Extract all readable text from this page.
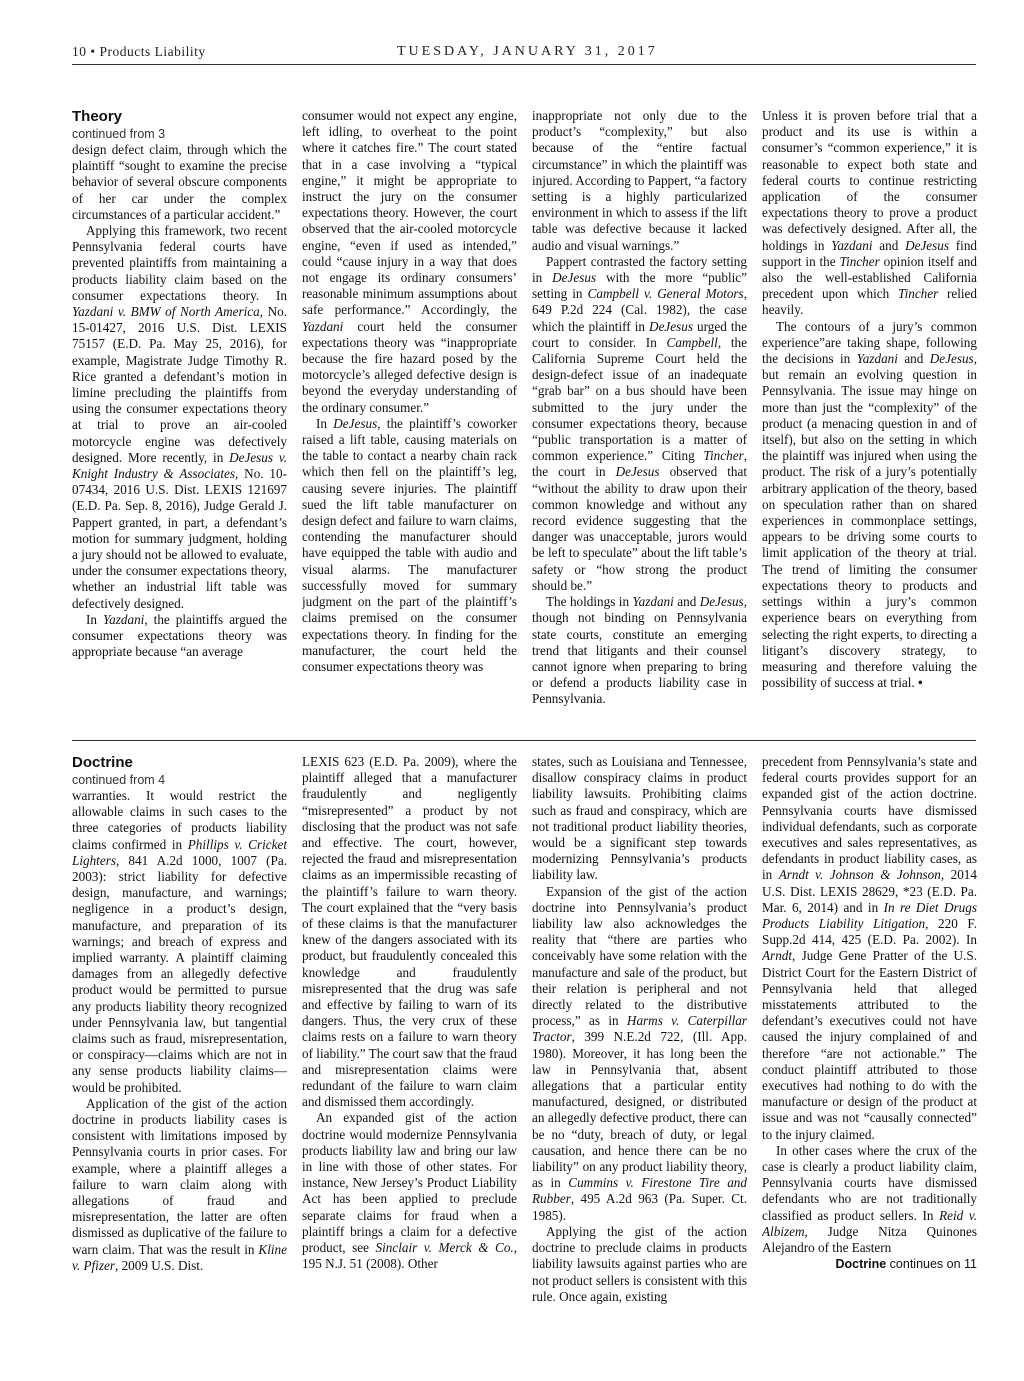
10 • Products Liability	TUESDAY, JANUARY 31, 2017

Theory

continued from 3

design defect claim, through which the plaintiff “sought to examine the precise behavior of several obscure components of her car under the complex circumstances of a particular accident.”

Applying this framework, two recent Pennsylvania federal courts have prevented plaintiffs from maintaining a products liability claim based on the consumer expectations theory. In Yazdani v. BMW of North America, No. 15-01427, 2016 U.S. Dist. LEXIS 75157 (E.D. Pa. May 25, 2016), for example, Magistrate Judge Timothy R. Rice granted a defendant’s motion in limine precluding the plaintiffs from using the consumer expectations theory at trial to prove an air-cooled motorcycle engine was defectively designed. More recently, in DeJesus v. Knight Industry & Associates, No. 10-07434, 2016 U.S. Dist. LEXIS 121697 (E.D. Pa. Sep. 8, 2016), Judge Gerald J. Pappert granted, in part, a defendant’s motion for summary judgment, holding a jury should not be allowed to evaluate, under the consumer expectations theory, whether an industrial lift table was defectively designed.

In Yazdani, the plaintiffs argued the consumer expectations theory was appropriate because “an average

consumer would not expect any engine, left idling, to overheat to the point where it catches fire.” The court stated that in a case involving a “typical engine,” it might be appropriate to instruct the jury on the consumer expectations theory. However, the court observed that the air-cooled motorcycle engine, “even if used as intended,” could “cause injury in a way that does not engage its ordinary consumers’ reasonable minimum assumptions about safe performance.” Accordingly, the Yazdani court held the consumer expectations theory was “inappropriate because the fire hazard posed by the motorcycle’s alleged defective design is beyond the everyday understanding of the ordinary consumer.”

In DeJesus, the plaintiff’s coworker raised a lift table, causing materials on the table to contact a nearby chain rack which then fell on the plaintiff’s leg, causing severe injuries. The plaintiff sued the lift table manufacturer on design defect and failure to warn claims, contending the manufacturer should have equipped the table with audio and visual alarms. The manufacturer successfully moved for summary judgment on the part of the plaintiff’s claims premised on the consumer expectations theory. In finding for the manufacturer, the court held the consumer expectations theory was

inappropriate not only due to the product’s “complexity,” but also because of the “entire factual circumstance” in which the plaintiff was injured. According to Pappert, “a factory setting is a highly particularized environment in which to assess if the lift table was defective because it lacked audio and visual warnings.”

Pappert contrasted the factory setting in DeJesus with the more “public” setting in Campbell v. General Motors, 649 P.2d 224 (Cal. 1982), the case which the plaintiff in DeJesus urged the court to consider. In Campbell, the California Supreme Court held the design-defect issue of an inadequate “grab bar” on a bus should have been submitted to the jury under the consumer expectations theory, because “public transportation is a matter of common experience.” Citing Tincher, the court in DeJesus observed that “without the ability to draw upon their common knowledge and without any record evidence suggesting that the danger was unacceptable, jurors would be left to speculate” about the lift table’s safety or “how strong the product should be.”

The holdings in Yazdani and DeJesus, though not binding on Pennsylvania state courts, constitute an emerging trend that litigants and their counsel cannot ignore when preparing to bring or defend a products liability case in Pennsylvania.

Unless it is proven before trial that a product and its use is within a consumer’s “common experience,” it is reasonable to expect both state and federal courts to continue restricting application of the consumer expectations theory to prove a product was defectively designed. After all, the holdings in Yazdani and DeJesus find support in the Tincher opinion itself and also the well-established California precedent upon which Tincher relied heavily.

The contours of a jury’s common experience”are taking shape, following the decisions in Yazdani and DeJesus, but remain an evolving question in Pennsylvania. The issue may hinge on more than just the “complexity” of the product (a menacing question in and of itself), but also on the setting in which the plaintiff was injured when using the product. The risk of a jury’s potentially arbitrary application of the theory, based on speculation rather than on shared experiences in commonplace settings, appears to be driving some courts to limit application of the theory at trial. The trend of limiting the consumer expectations theory to products and settings within a jury’s common experience bears on everything from selecting the right experts, to directing a litigant’s discovery strategy, to measuring and therefore valuing the possibility of success at trial. •

Doctrine

continued from 4

warranties. It would restrict the allowable claims in such cases to the three categories of products liability claims confirmed in Phillips v. Cricket Lighters, 841 A.2d 1000, 1007 (Pa. 2003): strict liability for defective design, manufacture, and warnings; negligence in a product’s design, manufacture, and preparation of its warnings; and breach of express and implied warranty. A plaintiff claiming damages from an allegedly defective product would be permitted to pursue any products liability theory recognized under Pennsylvania law, but tangential claims such as fraud, misrepresentation, or conspiracy—claims which are not in any sense products liability claims—would be prohibited.

Application of the gist of the action doctrine in products liability cases is consistent with limitations imposed by Pennsylvania courts in prior cases. For example, where a plaintiff alleges a failure to warn claim along with allegations of fraud and misrepresentation, the latter are often dismissed as duplicative of the failure to warn claim. That was the result in Kline v. Pfizer, 2009 U.S. Dist.

LEXIS 623 (E.D. Pa. 2009), where the plaintiff alleged that a manufacturer fraudulently and negligently “misrepresented” a product by not disclosing that the product was not safe and effective. The court, however, rejected the fraud and misrepresentation claims as an impermissible recasting of the plaintiff’s failure to warn theory. The court explained that the “very basis of these claims is that the manufacturer knew of the dangers associated with its product, but fraudulently concealed this knowledge and fraudulently misrepresented that the drug was safe and effective by failing to warn of its dangers. Thus, the very crux of these claims rests on a failure to warn theory of liability.” The court saw that the fraud and misrepresentation claims were redundant of the failure to warn claim and dismissed them accordingly.

An expanded gist of the action doctrine would modernize Pennsylvania products liability law and bring our law in line with those of other states. For instance, New Jersey’s Product Liability Act has been applied to preclude separate claims for fraud when a plaintiff brings a claim for a defective product, see Sinclair v. Merck & Co., 195 N.J. 51 (2008). Other

states, such as Louisiana and Tennessee, disallow conspiracy claims in product liability lawsuits. Prohibiting claims such as fraud and conspiracy, which are not traditional product liability theories, would be a significant step towards modernizing Pennsylvania’s products liability law.

Expansion of the gist of the action doctrine into Pennsylvania’s product liability law also acknowledges the reality that “there are parties who conceivably have some relation with the manufacture and sale of the product, but their relation is peripheral and not directly related to the distributive process,” as in Harms v. Caterpillar Tractor, 399 N.E.2d 722, (Ill. App. 1980). Moreover, it has long been the law in Pennsylvania that, absent allegations that a particular entity manufactured, designed, or distributed an allegedly defective product, there can be no “duty, breach of duty, or legal causation, and hence there can be no liability” on any product liability theory, as in Cummins v. Firestone Tire and Rubber, 495 A.2d 963 (Pa. Super. Ct. 1985).

Applying the gist of the action doctrine to preclude claims in products liability lawsuits against parties who are not product sellers is consistent with this rule. Once again, existing

precedent from Pennsylvania’s state and federal courts provides support for an expanded gist of the action doctrine. Pennsylvania courts have dismissed individual defendants, such as corporate executives and sales representatives, as defendants in product liability cases, as in Arndt v. Johnson & Johnson, 2014 U.S. Dist. LEXIS 28629, *23 (E.D. Pa. Mar. 6, 2014) and in In re Diet Drugs Products Liability Litigation, 220 F. Supp.2d 414, 425 (E.D. Pa. 2002). In Arndt, Judge Gene Pratter of the U.S. District Court for the Eastern District of Pennsylvania held that alleged misstatements attributed to the defendant’s executives could not have caused the injury complained of and therefore “are not actionable.” The conduct plaintiff attributed to those executives had nothing to do with the manufacture or design of the product at issue and was not “causally connected” to the injury claimed.

In other cases where the crux of the case is clearly a product liability claim, Pennsylvania courts have dismissed defendants who are not traditionally classified as product sellers. In Reid v. Albizem, Judge Nitza Quinones Alejandro of the Eastern

Doctrine continues on 11
